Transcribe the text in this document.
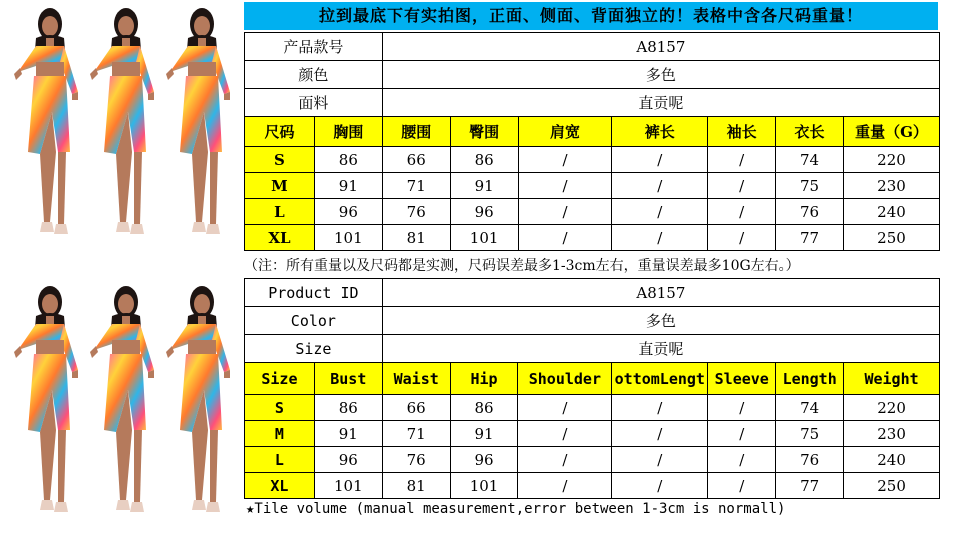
拉到最底下有实拍图，正面、侧面、背面独立的！表格中含各尺码重量！
产品款号		A8157						
颜色		多色						
面料		直贡呢						
尺码	胸围	腰围	臀围	肩宽	裤长	袖长	衣长	重量（G）
S	86	66	86	/	/	/	74	220
M	91	71	91	/	/	/	75	230
L	96	76	96	/	/	/	76	240
XL	101	81	101	/	/	/	77	250
（注：所有重量以及尺码都是实测，尺码误差最多1-3cm左右，重量误差最多10G左右。）
Product ID		A8157						
Color		多色						
Size		直贡呢						
Size	Bust	Waist	Hip	Shoulder	ottomLengt	Sleeve	Length	Weight
S	86	66	86	/	/	/	74	220
M	91	71	91	/	/	/	75	230
L	96	76	96	/	/	/	76	240
XL	101	81	101	/	/	/	77	250
★Tile volume (manual measurement,error between 1-3cm is normall)
